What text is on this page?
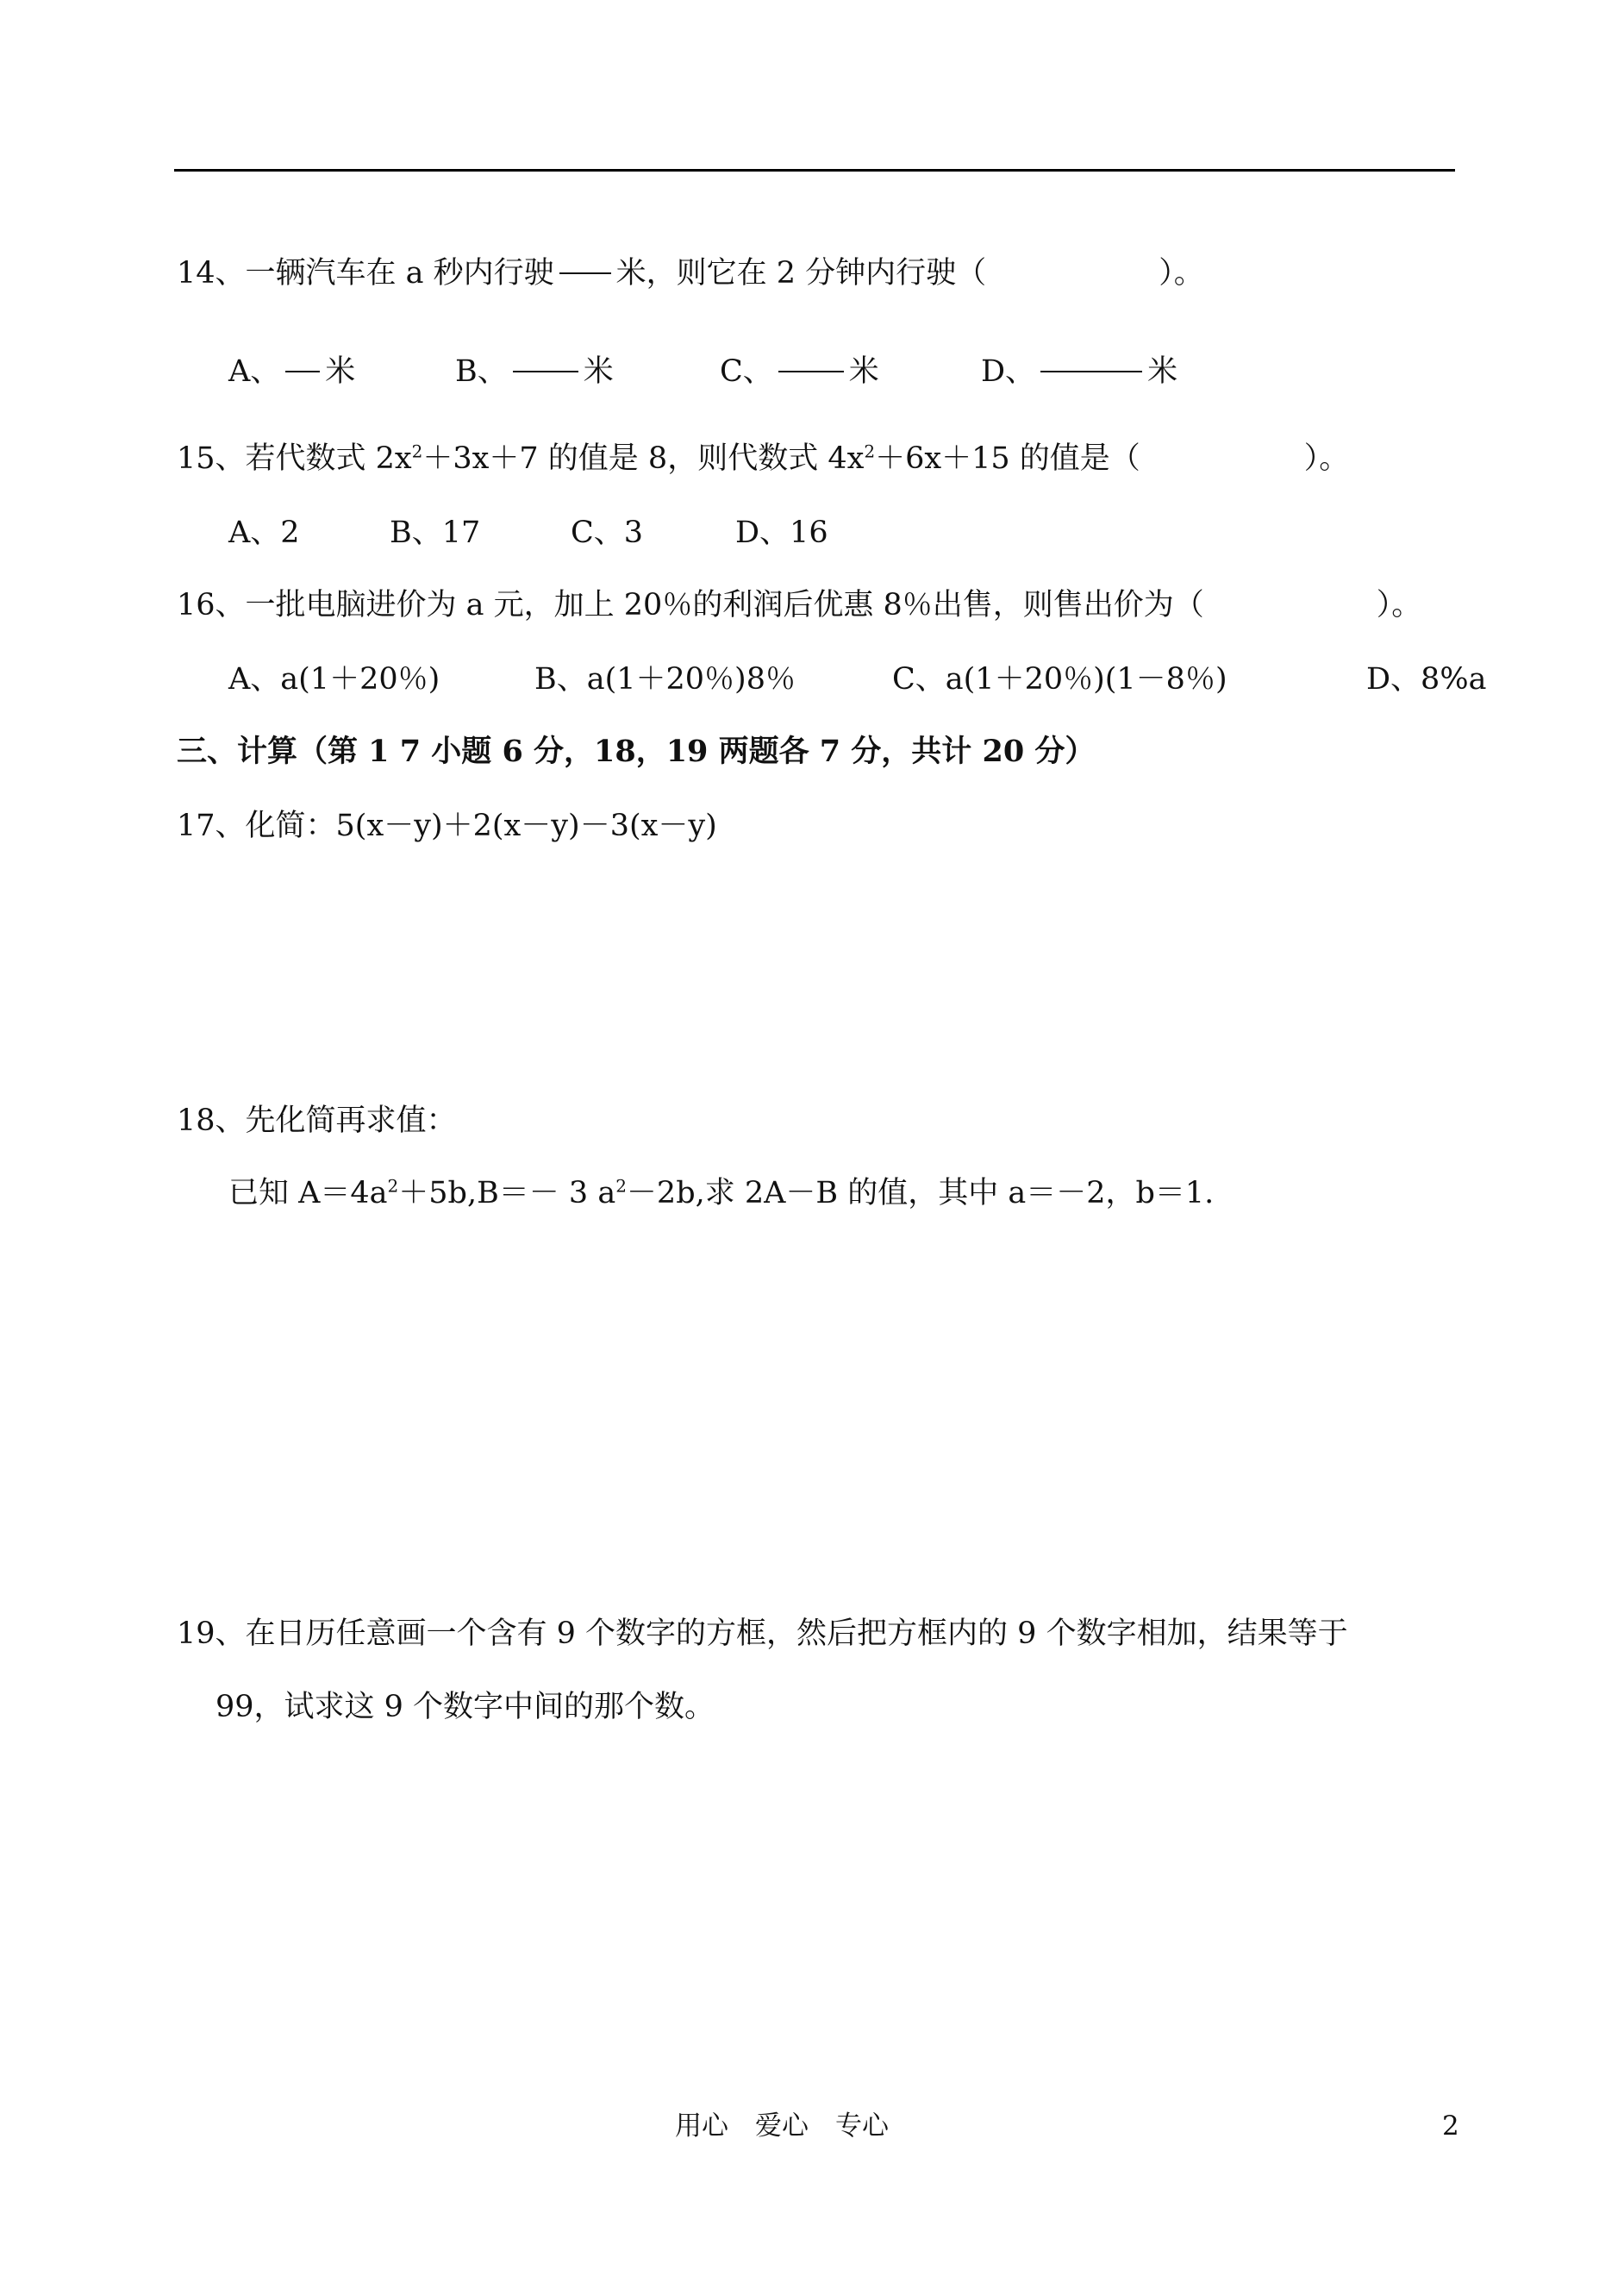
14、一辆汽车在 a 秒内行驶 米，则它在 2 分钟内行驶（	）。
A、 米	B、	米	C、	米	D、	米
15、若代数式 $2x^2+3x+7$ 的值是 8，则代数式 $4x^2+6x+15$ 的值是（	）。
A、2	B、17	C、3	D、16
16、一批电脑进价为 a 元，加上 20％的利润后优惠 8％出售，则售出价为（	）。
A、a(1＋20％)	B、a(1＋20％)8％	C、a(1＋20％)(1－8％)	D、8%a
三、计算（第 1 7 小题 6 分，18，19 两题各 7 分，共计 20 分）
17、化简：5(x－y)＋2(x－y)－3(x－y)
18、先化简再求值：
已知 $A=4a^2+5b,B=- 3$ $a^2-2b$,求 2A－B 的值，其中 a＝－2，b＝1.
19、在日历任意画一个含有 9 个数字的方框，然后把方框内的 9 个数字相加，结果等于
99，试求这 9 个数字中间的那个数。
用心　爱心　专心	2
